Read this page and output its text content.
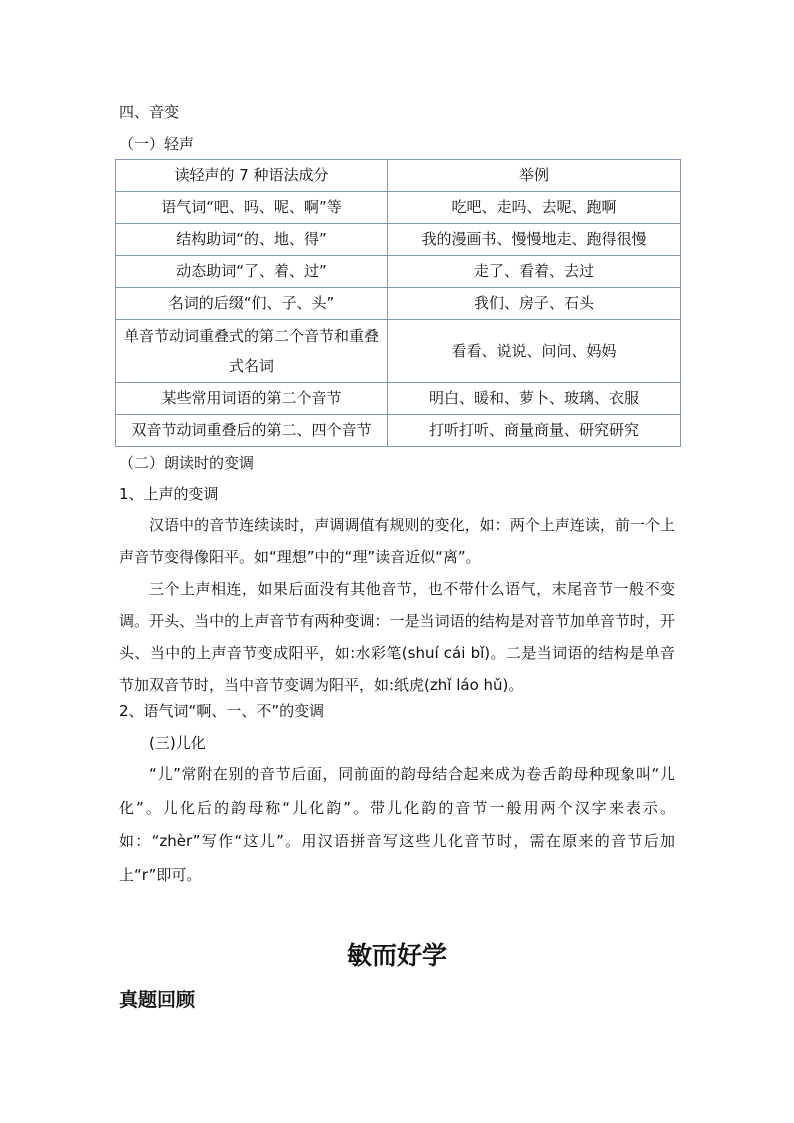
四、音变
（一）轻声
读轻声的 7 种语法成分	举例
语气词“吧、吗、呢、啊”等	吃吧、走吗、去呢、跑啊
结构助词“的、地、得”	我的漫画书、慢慢地走、跑得很慢
动态助词“了、着、过”	走了、看着、去过
名词的后缀“们、子、头”	我们、房子、石头
单音节动词重叠式的第二个音节和重叠式名词	看看、说说、问问、妈妈
某些常用词语的第二个音节	明白、暖和、萝卜、玻璃、衣服
双音节动词重叠后的第二、四个音节	打听打听、商量商量、研究研究
（二）朗读时的变调
1、上声的变调

汉语中的音节连续读时，声调调值有规则的变化，如：两个上声连读，前一个上声音节变得像阳平。如“理想”中的“理”读音近似“离”。

三个上声相连，如果后面没有其他音节，也不带什么语气，末尾音节一般不变调。开头、当中的上声音节有两种变调：一是当词语的结构是对音节加单音节时，开头、当中的上声音节变成阳平，如:水彩笔(shuí cái bǐ)。二是当词语的结构是单音节加双音节时，当中音节变调为阳平，如:纸虎(zhǐ láo hǔ)。

2、语气词“啊、一、不”的变调
(三)儿化

“儿”常附在别的音节后面，同前面的韵母结合起来成为卷舌韵母种现象叫“儿化”。儿化后的韵母称“儿化韵”。带儿化韵的音节一般用两个汉字来表示。如：“zhèr”写作“这儿”。用汉语拼音写这些儿化音节时，需在原来的音节后加上“r”即可。

敏而好学
真题回顾
